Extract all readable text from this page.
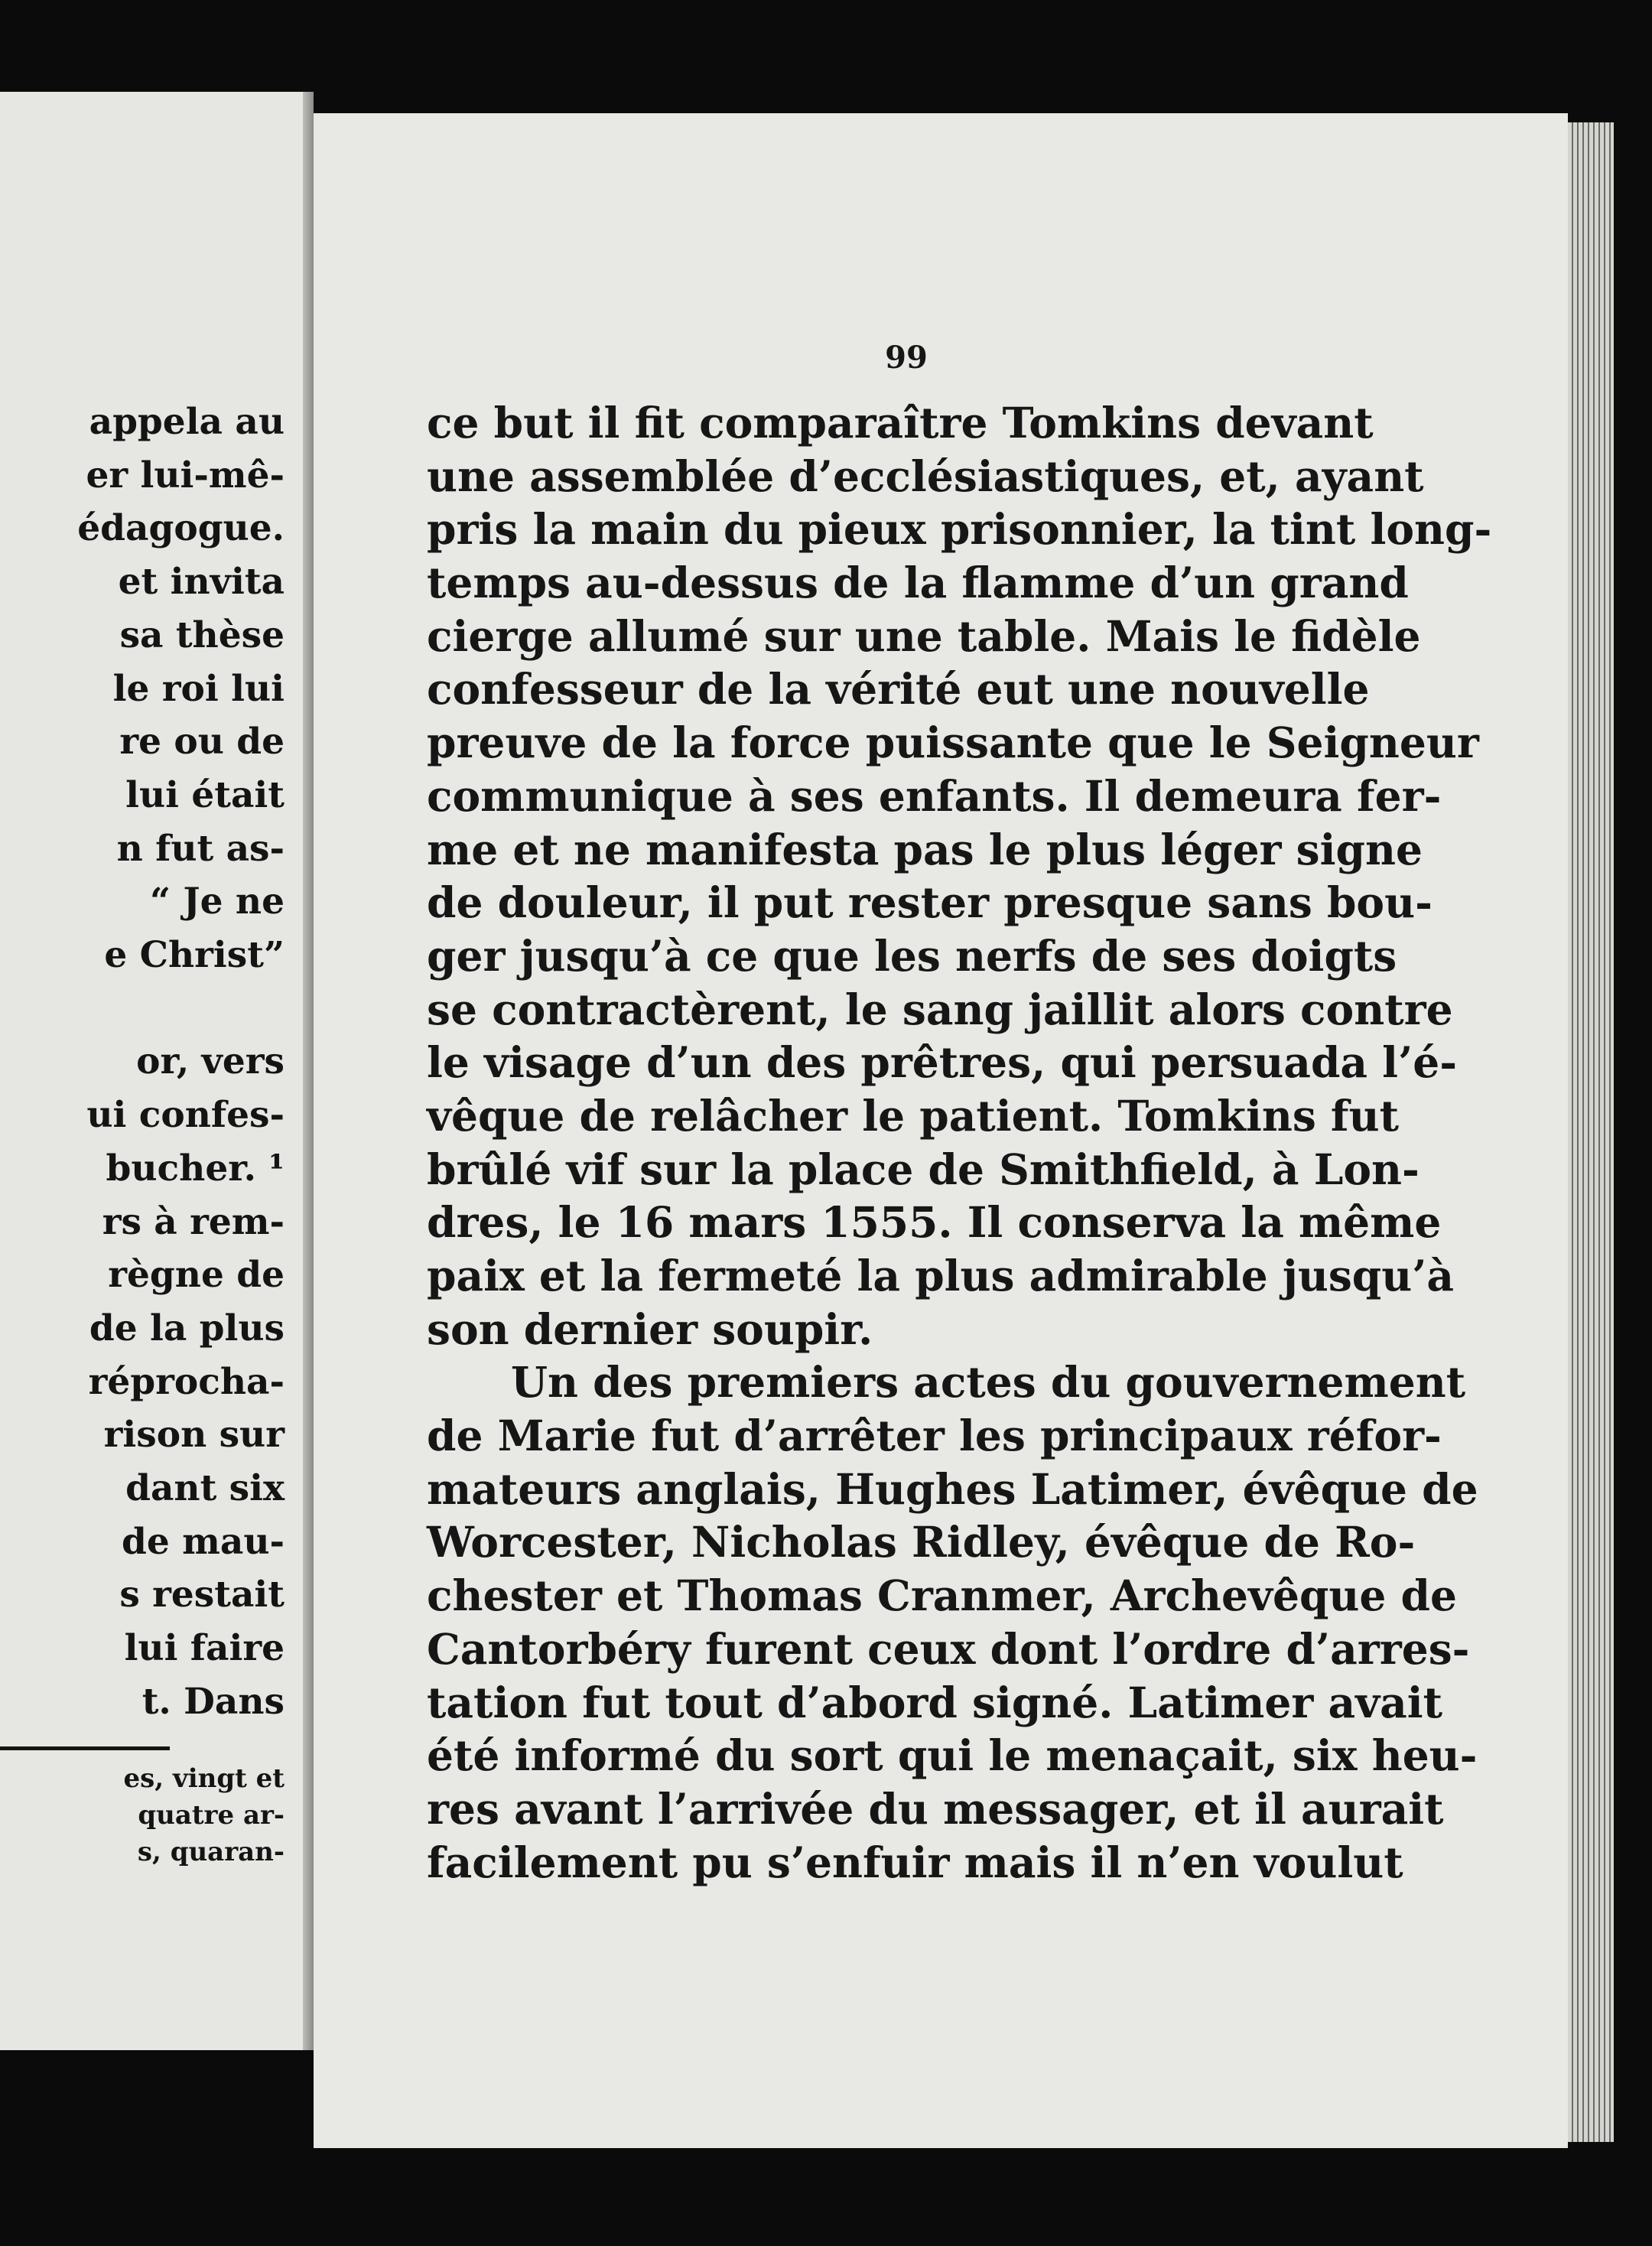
appela au
er lui-mê-
édagogue.
et invita
sa thèse
le roi lui
re ou de
lui était
n fut as-
“ Je ne
e Christ”
or, vers
ui confes-
bucher. ¹
rs à rem-
règne de
de la plus
réprocha-
rison sur
dant six
de mau-
s restait
lui faire
t. Dans
es, vingt et
quatre ar-
s, quaran-
99
ce but il fit comparaître Tomkins devant
une assemblée d’ecclésiastiques, et, ayant
pris la main du pieux prisonnier, la tint long-
temps au-dessus de la flamme d’un grand
cierge allumé sur une table. Mais le fidèle
confesseur de la vérité eut une nouvelle
preuve de la force puissante que le Seigneur
communique à ses enfants. Il demeura fer-
me et ne manifesta pas le plus léger signe
de douleur, il put rester presque sans bou-
ger jusqu’à ce que les nerfs de ses doigts
se contractèrent, le sang jaillit alors contre
le visage d’un des prêtres, qui persuada l’é-
vêque de relâcher le patient. Tomkins fut
brûlé vif sur la place de Smithfield, à Lon-
dres, le 16 mars 1555. Il conserva la même
paix et la fermeté la plus admirable jusqu’à
son dernier soupir.
Un des premiers actes du gouvernement
de Marie fut d’arrêter les principaux réfor-
mateurs anglais, Hughes Latimer, évêque de
Worcester, Nicholas Ridley, évêque de Ro-
chester et Thomas Cranmer, Archevêque de
Cantorbéry furent ceux dont l’ordre d’arres-
tation fut tout d’abord signé. Latimer avait
été informé du sort qui le menaçait, six heu-
res avant l’arrivée du messager, et il aurait
facilement pu s’enfuir mais il n’en voulut
